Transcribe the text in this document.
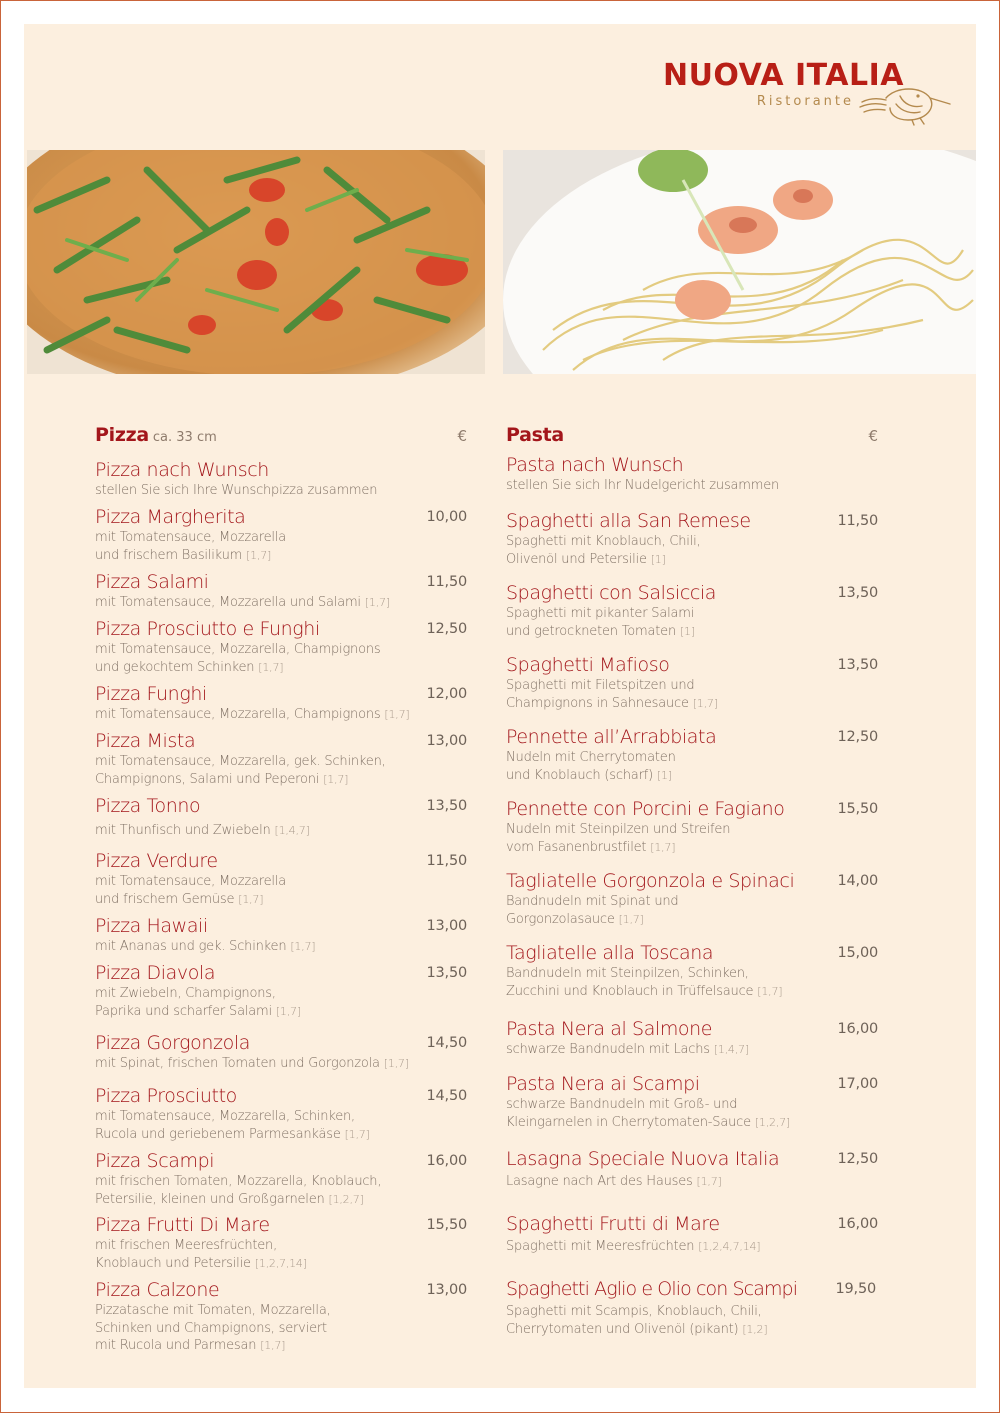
NUOVA ITALIA
Ristorante
Pizza ca. 33 cm	€
Pizza nach Wunsch
stellen Sie sich Ihre Wunschpizza zusammen
Pizza Margherita	10,00
mit Tomatensauce, Mozzarella
und frischem Basilikum [1,7]
Pizza Salami	11,50
mit Tomatensauce, Mozzarella und Salami [1,7]
Pizza Prosciutto e Funghi	12,50
mit Tomatensauce, Mozzarella, Champignons
und gekochtem Schinken [1,7]
Pizza Funghi	12,00
mit Tomatensauce, Mozzarella, Champignons [1,7]
Pizza Mista	13,00
mit Tomatensauce, Mozzarella, gek. Schinken,
Champignons, Salami und Peperoni [1,7]
Pizza Tonno	13,50
mit Thunfisch und Zwiebeln [1,4,7]
Pizza Verdure	11,50
mit Tomatensauce, Mozzarella
und frischem Gemüse [1,7]
Pizza Hawaii	13,00
mit Ananas und gek. Schinken [1,7]
Pizza Diavola	13,50
mit Zwiebeln, Champignons,
Paprika und scharfer Salami [1,7]
Pizza Gorgonzola	14,50
mit Spinat, frischen Tomaten und Gorgonzola [1,7]
Pizza Prosciutto	14,50
mit Tomatensauce, Mozzarella, Schinken,
Rucola und geriebenem Parmesankäse [1,7]
Pizza Scampi	16,00
mit frischen Tomaten, Mozzarella, Knoblauch,
Petersilie, kleinen und Großgarnelen [1,2,7]
Pizza Frutti Di Mare	15,50
mit frischen Meeresfrüchten,
Knoblauch und Petersilie [1,2,7,14]
Pizza Calzone	13,00
Pizzatasche mit Tomaten, Mozzarella,
Schinken und Champignons, serviert
mit Rucola und Parmesan [1,7]
Pasta	€
Pasta nach Wunsch
stellen Sie sich Ihr Nudelgericht zusammen
Spaghetti alla San Remese	11,50
Spaghetti mit Knoblauch, Chili,
Olivenöl und Petersilie [1]
Spaghetti con Salsiccia	13,50
Spaghetti mit pikanter Salami
und getrockneten Tomaten [1]
Spaghetti Mafioso	13,50
Spaghetti mit Filetspitzen und
Champignons in Sahnesauce [1,7]
Pennette all’Arrabbiata	12,50
Nudeln mit Cherrytomaten
und Knoblauch (scharf) [1]
Pennette con Porcini e Fagiano	15,50
Nudeln mit Steinpilzen und Streifen
vom Fasanenbrustfilet [1,7]
Tagliatelle Gorgonzola e Spinaci	14,00
Bandnudeln mit Spinat und
Gorgonzolasauce [1,7]
Tagliatelle alla Toscana	15,00
Bandnudeln mit Steinpilzen, Schinken,
Zucchini und Knoblauch in Trüffelsauce [1,7]
Pasta Nera al Salmone	16,00
schwarze Bandnudeln mit Lachs [1,4,7]
Pasta Nera ai Scampi	17,00
schwarze Bandnudeln mit Groß- und
Kleingarnelen in Cherrytomaten-Sauce [1,2,7]
Lasagna Speciale Nuova Italia	12,50
Lasagne nach Art des Hauses [1,7]
Spaghetti Frutti di Mare	16,00
Spaghetti mit Meeresfrüchten [1,2,4,7,14]
Spaghetti Aglio e Olio con Scampi	19,50
Spaghetti mit Scampis, Knoblauch, Chili,
Cherrytomaten und Olivenöl (pikant) [1,2]
